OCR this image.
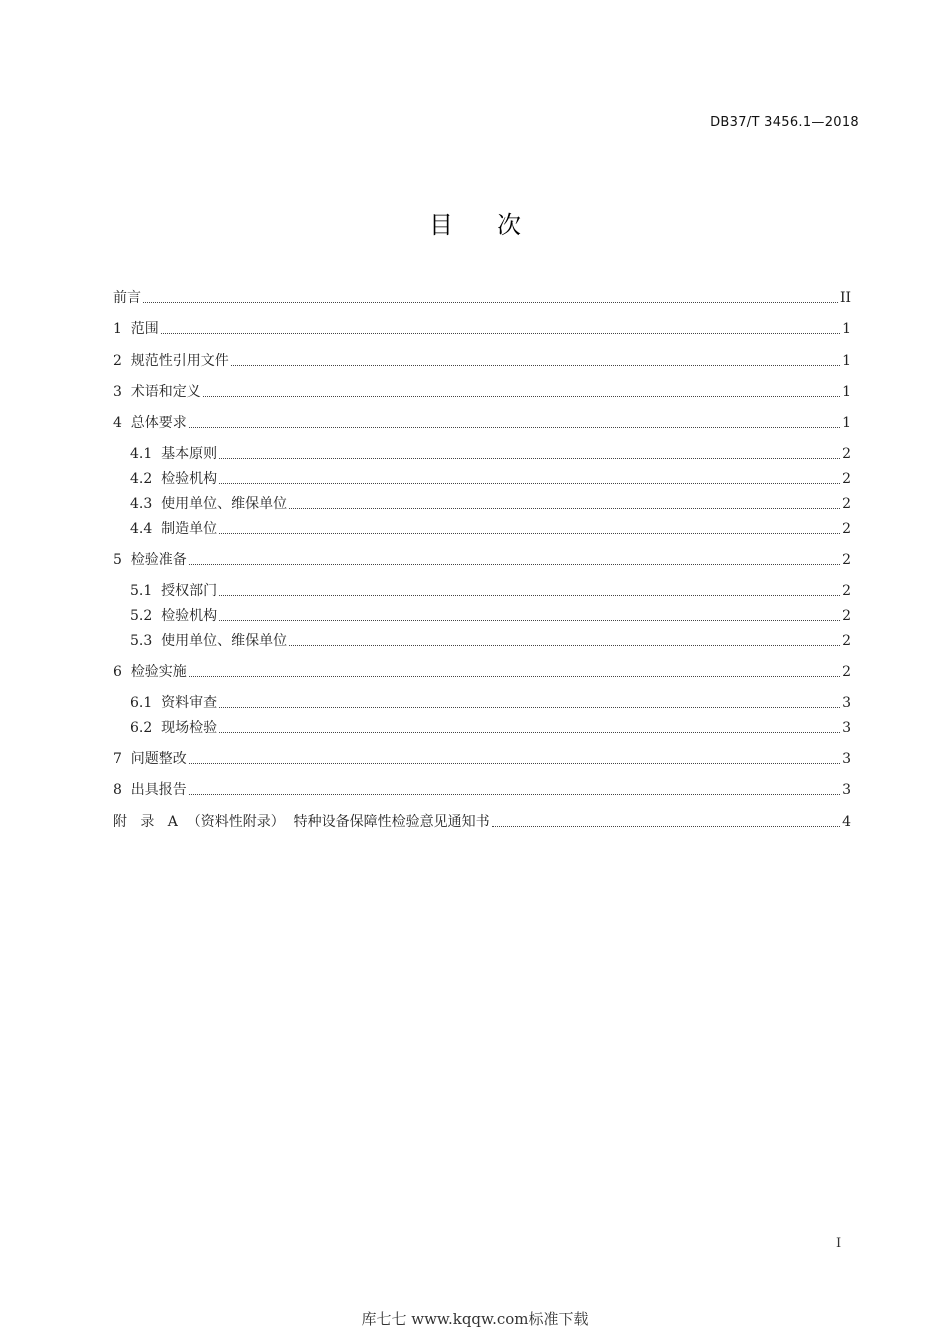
DB37/T 3456.1—2018
目次
前言	II
1  范围	1
2  规范性引用文件	1
3  术语和定义	1
4  总体要求	1
4.1  基本原则	2
4.2  检验机构	2
4.3  使用单位、维保单位	2
4.4  制造单位	2
5  检验准备	2
5.1  授权部门	2
5.2  检验机构	2
5.3  使用单位、维保单位	2
6  检验实施	2
6.1  资料审查	3
6.2  现场检验	3
7  问题整改	3
8  出具报告	3
附   录   A  （资料性附录）  特种设备保障性检验意见通知书	4
I
库七七 www.kqqw.com标准下载
